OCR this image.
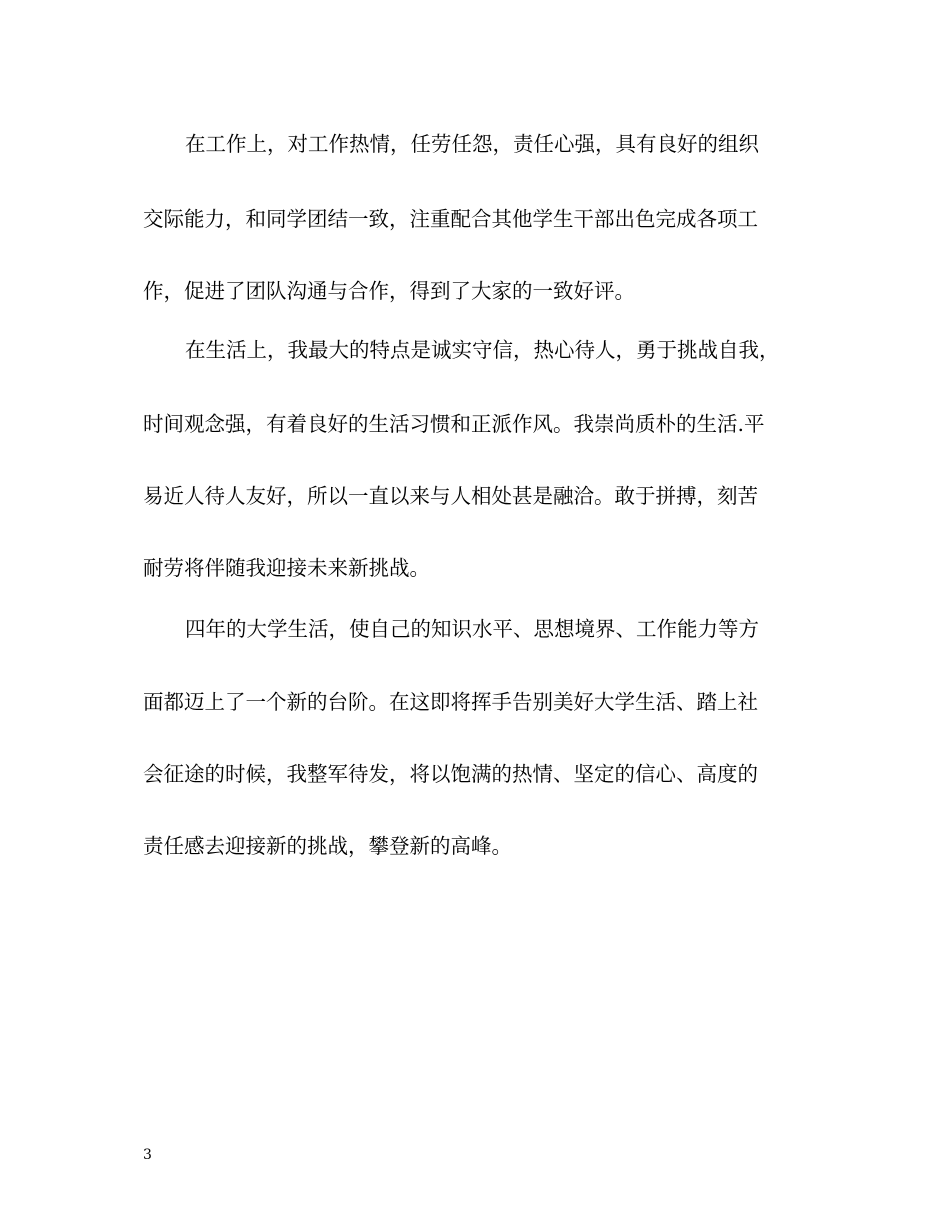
在工作上，对工作热情，任劳任怨，责任心强，具有良好的组织

交际能力，和同学团结一致，注重配合其他学生干部出色完成各项工

作，促进了团队沟通与合作，得到了大家的一致好评。

在生活上，我最大的特点是诚实守信，热心待人，勇于挑战自我，

时间观念强，有着良好的生活习惯和正派作风。我崇尚质朴的生活.平

易近人待人友好，所以一直以来与人相处甚是融洽。敢于拼搏，刻苦

耐劳将伴随我迎接未来新挑战。

四年的大学生活，使自己的知识水平、思想境界、工作能力等方

面都迈上了一个新的台阶。在这即将挥手告别美好大学生活、踏上社

会征途的时候，我整军待发，将以饱满的热情、坚定的信心、高度的

责任感去迎接新的挑战，攀登新的高峰。

3
